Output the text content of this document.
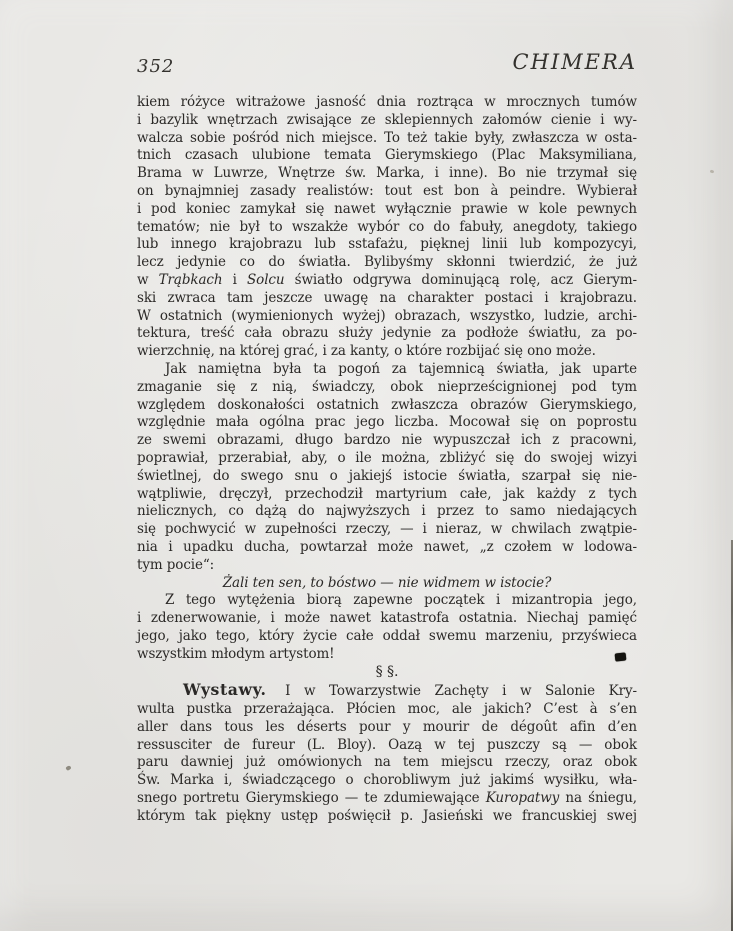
352	CHIMERA
kiem różyce witrażowe jasność dnia roztrąca w mrocznych tumów
i bazylik wnętrzach zwisające ze sklepiennych załomów cienie i wy-
walcza sobie pośród nich miejsce. To też takie były, zwłaszcza w osta-
tnich czasach ulubione temata Gierymskiego (Plac Maksymiliana,
Brama w Luwrze, Wnętrze św. Marka, i inne). Bo nie trzymał się
on bynajmniej zasady realistów: tout est bon à peindre. Wybierał
i pod koniec zamykał się nawet wyłącznie prawie w kole pewnych
tematów; nie był to wszakże wybór co do fabuły, anegdoty, takiego
lub innego krajobrazu lub sstafażu, pięknej linii lub kompozycyi,
lecz jedynie co do światła. Bylibyśmy skłonni twierdzić, że już
w Trąbkach i Solcu światło odgrywa dominującą rolę, acz Gierym-
ski zwraca tam jeszcze uwagę na charakter postaci i krajobrazu.
W ostatnich (wymienionych wyżej) obrazach, wszystko, ludzie, archi-
tektura, treść cała obrazu służy jedynie za podłoże światłu, za po-
wierzchnię, na której grać, i za kanty, o które rozbijać się ono może.
Jak namiętna była ta pogoń za tajemnicą światła, jak uparte
zmaganie się z nią, świadczy, obok nieprześcignionej pod tym
względem doskonałości ostatnich zwłaszcza obrazów Gierymskiego,
względnie mała ogólna prac jego liczba. Mocował się on poprostu
ze swemi obrazami, długo bardzo nie wypuszczał ich z pracowni,
poprawiał, przerabiał, aby, o ile można, zbliżyć się do swojej wizyi
świetlnej, do swego snu o jakiejś istocie światła, szarpał się nie-
wątpliwie, dręczył, przechodził martyrium całe, jak każdy z tych
nielicznych, co dążą do najwyższych i przez to samo niedających
się pochwycić w zupełności rzeczy, — i nieraz, w chwilach zwątpie-
nia i upadku ducha, powtarzał może nawet, „z czołem w lodowa-
tym pocie“:
Żali ten sen, to bóstwo — nie widmem w istocie?
Z tego wytężenia biorą zapewne początek i mizantropia jego,
i zdenerwowanie, i może nawet katastrofa ostatnia. Niechaj pamięć
jego, jako tego, który życie całe oddał swemu marzeniu, przyświeca
wszystkim młodym artystom!
§ §.
Wystawy. I w Towarzystwie Zachęty i w Salonie Kry-
wulta pustka przerażająca. Płócien moc, ale jakich? C’est à s’en
aller dans tous les déserts pour y mourir de dégoût afin d’en
ressusciter de fureur (L. Bloy). Oazą w tej puszczy są — obok
paru dawniej już omówionych na tem miejscu rzeczy, oraz obok
Św. Marka i, świadczącego o chorobliwym już jakimś wysiłku, wła-
snego portretu Gierymskiego — te zdumiewające Kuropatwy na śniegu,
którym tak piękny ustęp poświęcił p. Jasieński we francuskiej swej
